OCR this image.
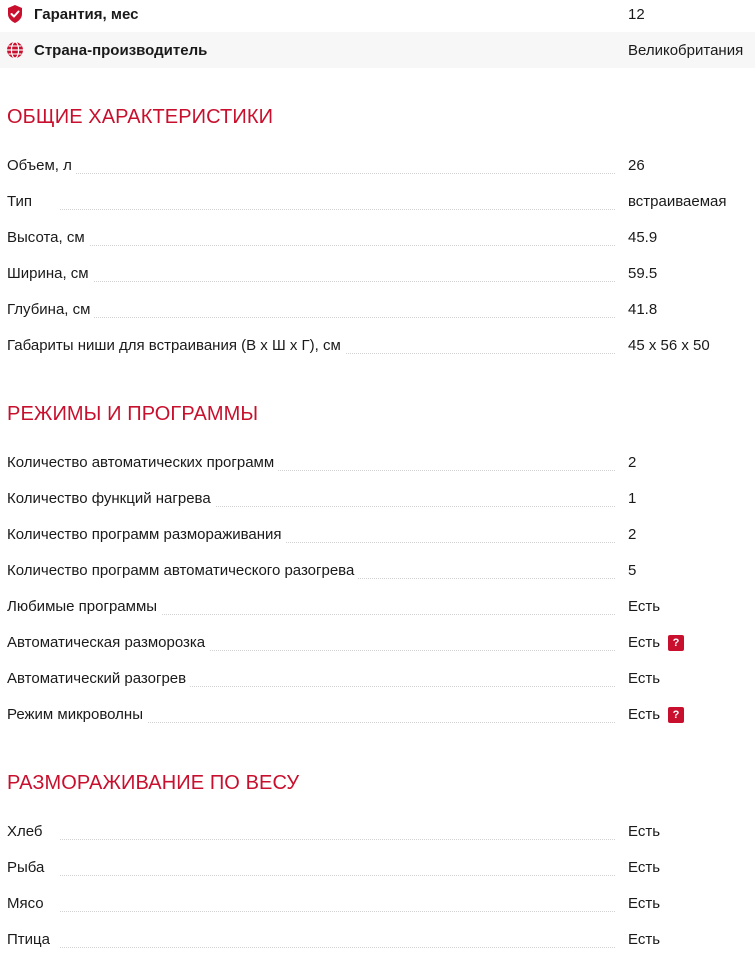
Гарантия, мес	12
Страна-производитель	Великобритания
ОБЩИЕ ХАРАКТЕРИСТИКИ
Объем, л	26
Тип	встраиваемая
Высота, см	45.9
Ширина, см	59.5
Глубина, см	41.8
Габариты ниши для встраивания (В х Ш х Г), см	45 x 56 x 50
РЕЖИМЫ И ПРОГРАММЫ
Количество автоматических программ	2
Количество функций нагрева	1
Количество программ размораживания	2
Количество программ автоматического разогрева	5
Любимые программы	Есть
Автоматическая разморозка	Есть	?
Автоматический разогрев	Есть
Режим микроволны	Есть	?
РАЗМОРАЖИВАНИЕ ПО ВЕСУ
Хлеб	Есть
Рыба	Есть
Мясо	Есть
Птица	Есть
